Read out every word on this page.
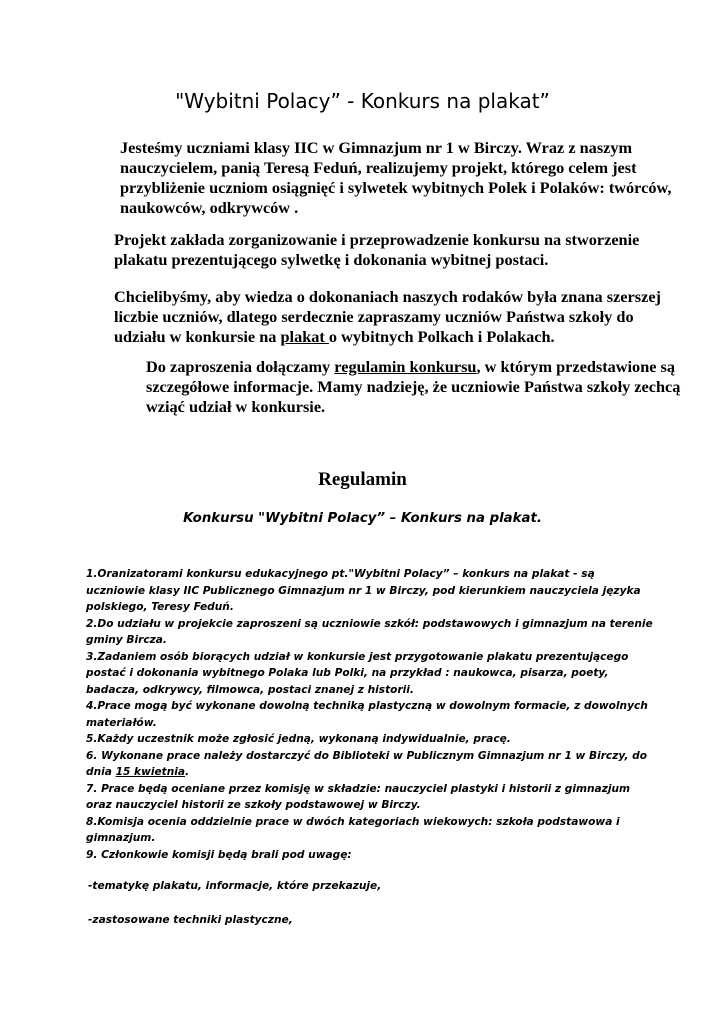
"Wybitni Polacy” - Konkurs na plakat”

Jesteśmy uczniami klasy IIC w Gimnazjum nr 1 w Birczy. Wraz z naszym nauczycielem, panią Teresą Feduń, realizujemy projekt, którego celem jest przybliżenie uczniom osiągnięć i sylwetek wybitnych Polek i Polaków: twórców, naukowców, odkrywców .

Projekt zakłada zorganizowanie i przeprowadzenie konkursu na stworzenie plakatu prezentującego sylwetkę i dokonania wybitnej postaci.

Chcielibyśmy, aby wiedza o dokonaniach naszych rodaków była znana szerszej liczbie uczniów, dlatego serdecznie zapraszamy uczniów Państwa szkoły do udziału w konkursie na plakat o wybitnych Polkach i Polakach.

Do zaproszenia dołączamy regulamin konkursu, w którym przedstawione są szczegółowe informacje. Mamy nadzieję, że uczniowie Państwa szkoły zechcą wziąć udział w konkursie.

Regulamin
Konkursu "Wybitni Polacy” – Konkurs na plakat.
1.Oranizatorami konkursu edukacyjnego pt."Wybitni Polacy” – konkurs na plakat - są uczniowie klasy IIC Publicznego Gimnazjum nr 1 w Birczy, pod kierunkiem nauczyciela języka polskiego, Teresy Feduń.
2.Do udziału w projekcie zaproszeni są uczniowie szkół: podstawowych i gimnazjum na terenie gminy Bircza.
3.Zadaniem osób biorących udział w konkursie jest przygotowanie plakatu prezentującego postać i dokonania wybitnego Polaka lub Polki, na przykład : naukowca, pisarza, poety, badacza, odkrywcy, filmowca, postaci znanej z historii.
4.Prace mogą być wykonane dowolną techniką plastyczną w dowolnym formacie, z dowolnych materiałów.
5.Każdy uczestnik może zgłosić jedną, wykonaną indywidualnie, pracę.
6. Wykonane prace należy dostarczyć do Biblioteki w Publicznym Gimnazjum nr 1 w Birczy, do dnia 15 kwietnia.
7. Prace będą oceniane przez komisję w składzie: nauczyciel plastyki i historii z gimnazjum oraz nauczyciel historii ze szkoły podstawowej w Birczy.
8.Komisja ocenia oddzielnie prace w dwóch kategoriach wiekowych: szkoła podstawowa i gimnazjum.
9. Członkowie komisji będą brali pod uwagę:
-tematykę plakatu, informacje, które przekazuje,
-zastosowane techniki plastyczne,
